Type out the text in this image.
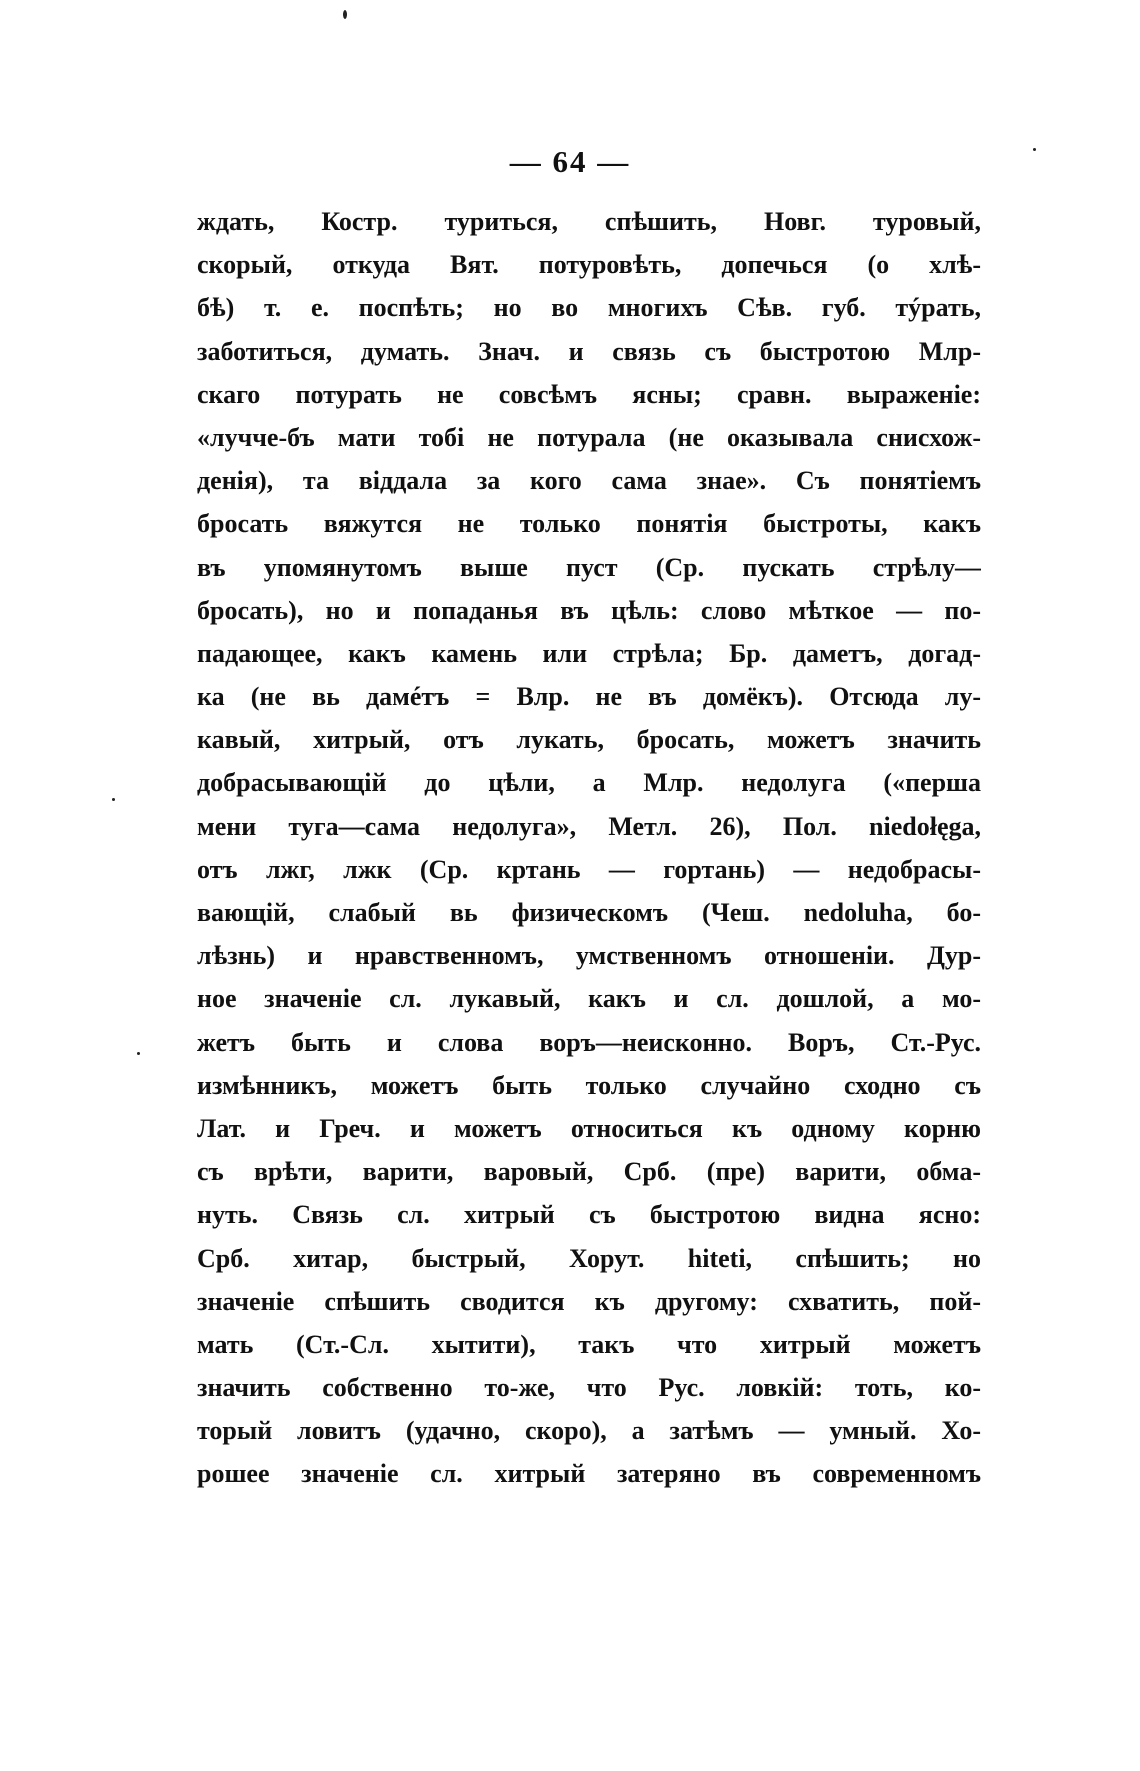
— 64 —
ждать, Костр. туриться, спѣшить, Новг. туровый,
скорый, откуда Вят. потуровѣть, допечься (о хлѣ-
бѣ) т. е. поспѣть; но во многихъ Сѣв. губ. тýрать,
заботиться, думать. Знач. и связь съ быстротою Млр-
скаго потурать не совсѣмъ ясны; сравн. выраженіе:
«лучче-бъ мати тобі не потурала (не оказывала снисхож-
денія), та віддала за кого сама знае». Съ понятіемъ
бросать вяжутся не только понятія быстроты, какъ
въ упомянутомъ выше пуст (Ср. пускать стрѣлу—
бросать), но и попаданья въ цѣль: слово мѣткое — по-
падающее, какъ камень или стрѣла; Бр. даметъ, догад-
ка (не вь дамéтъ = Влр. не въ домёкъ). Отсюда лу-
кавый, хитрый, отъ лукать, бросать, можетъ значить
добрасывающій до цѣли, а Млр. недолуга («перша
мени туга—сама недолуга», Метл. 26), Пол. niedołęga,
отъ лжг, лжк (Ср. кртань — гортань) — недобрасы-
вающій, слабый вь физическомъ (Чеш. nedoluha, бо-
лѣзнь) и нравственномъ, умственномъ отношеніи. Дур-
ное значеніе сл. лукавый, какъ и сл. дошлой, а мо-
жетъ быть и слова воръ—неисконно. Воръ, Ст.-Рус.
измѣнникъ, можетъ быть только случайно сходно съ
Лат. и Греч. и можетъ относиться къ одному корню
съ врѣти, варити, варовый, Срб. (пре) варити, обма-
нуть. Связь сл. хитрый съ быстротою видна ясно:
Срб. хитар, быстрый, Хорут. hiteti, спѣшить; но
значеніе спѣшить сводится къ другому: схватить, пой-
мать (Ст.-Сл. хытити), такъ что хитрый можетъ
значить собственно то-же, что Рус. ловкій: тоть, ко-
торый ловитъ (удачно, скоро), а затѣмъ — умный. Хо-
рошее значеніе сл. хитрый затеряно въ современномъ
